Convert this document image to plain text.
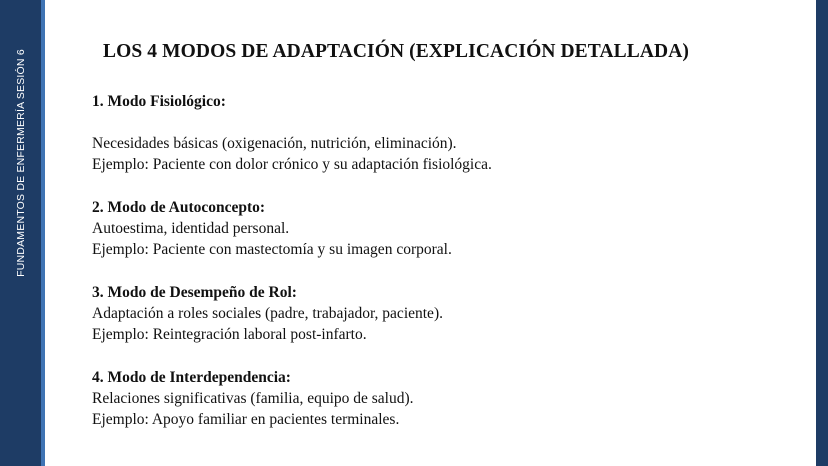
FUNDAMENTOS DE ENFERMERÍA SESIÓN 6	LOS 4 MODOS DE ADAPTACIÓN (EXPLICACIÓN DETALLADA)

1. Modo Fisiológico:

Necesidades básicas (oxigenación, nutrición, eliminación).

Ejemplo: Paciente con dolor crónico y su adaptación fisiológica.

2. Modo de Autoconcepto:

Autoestima, identidad personal.

Ejemplo: Paciente con mastectomía y su imagen corporal.

3. Modo de Desempeño de Rol:

Adaptación a roles sociales (padre, trabajador, paciente).

Ejemplo: Reintegración laboral post-infarto.

4. Modo de Interdependencia:

Relaciones significativas (familia, equipo de salud).

Ejemplo: Apoyo familiar en pacientes terminales.
